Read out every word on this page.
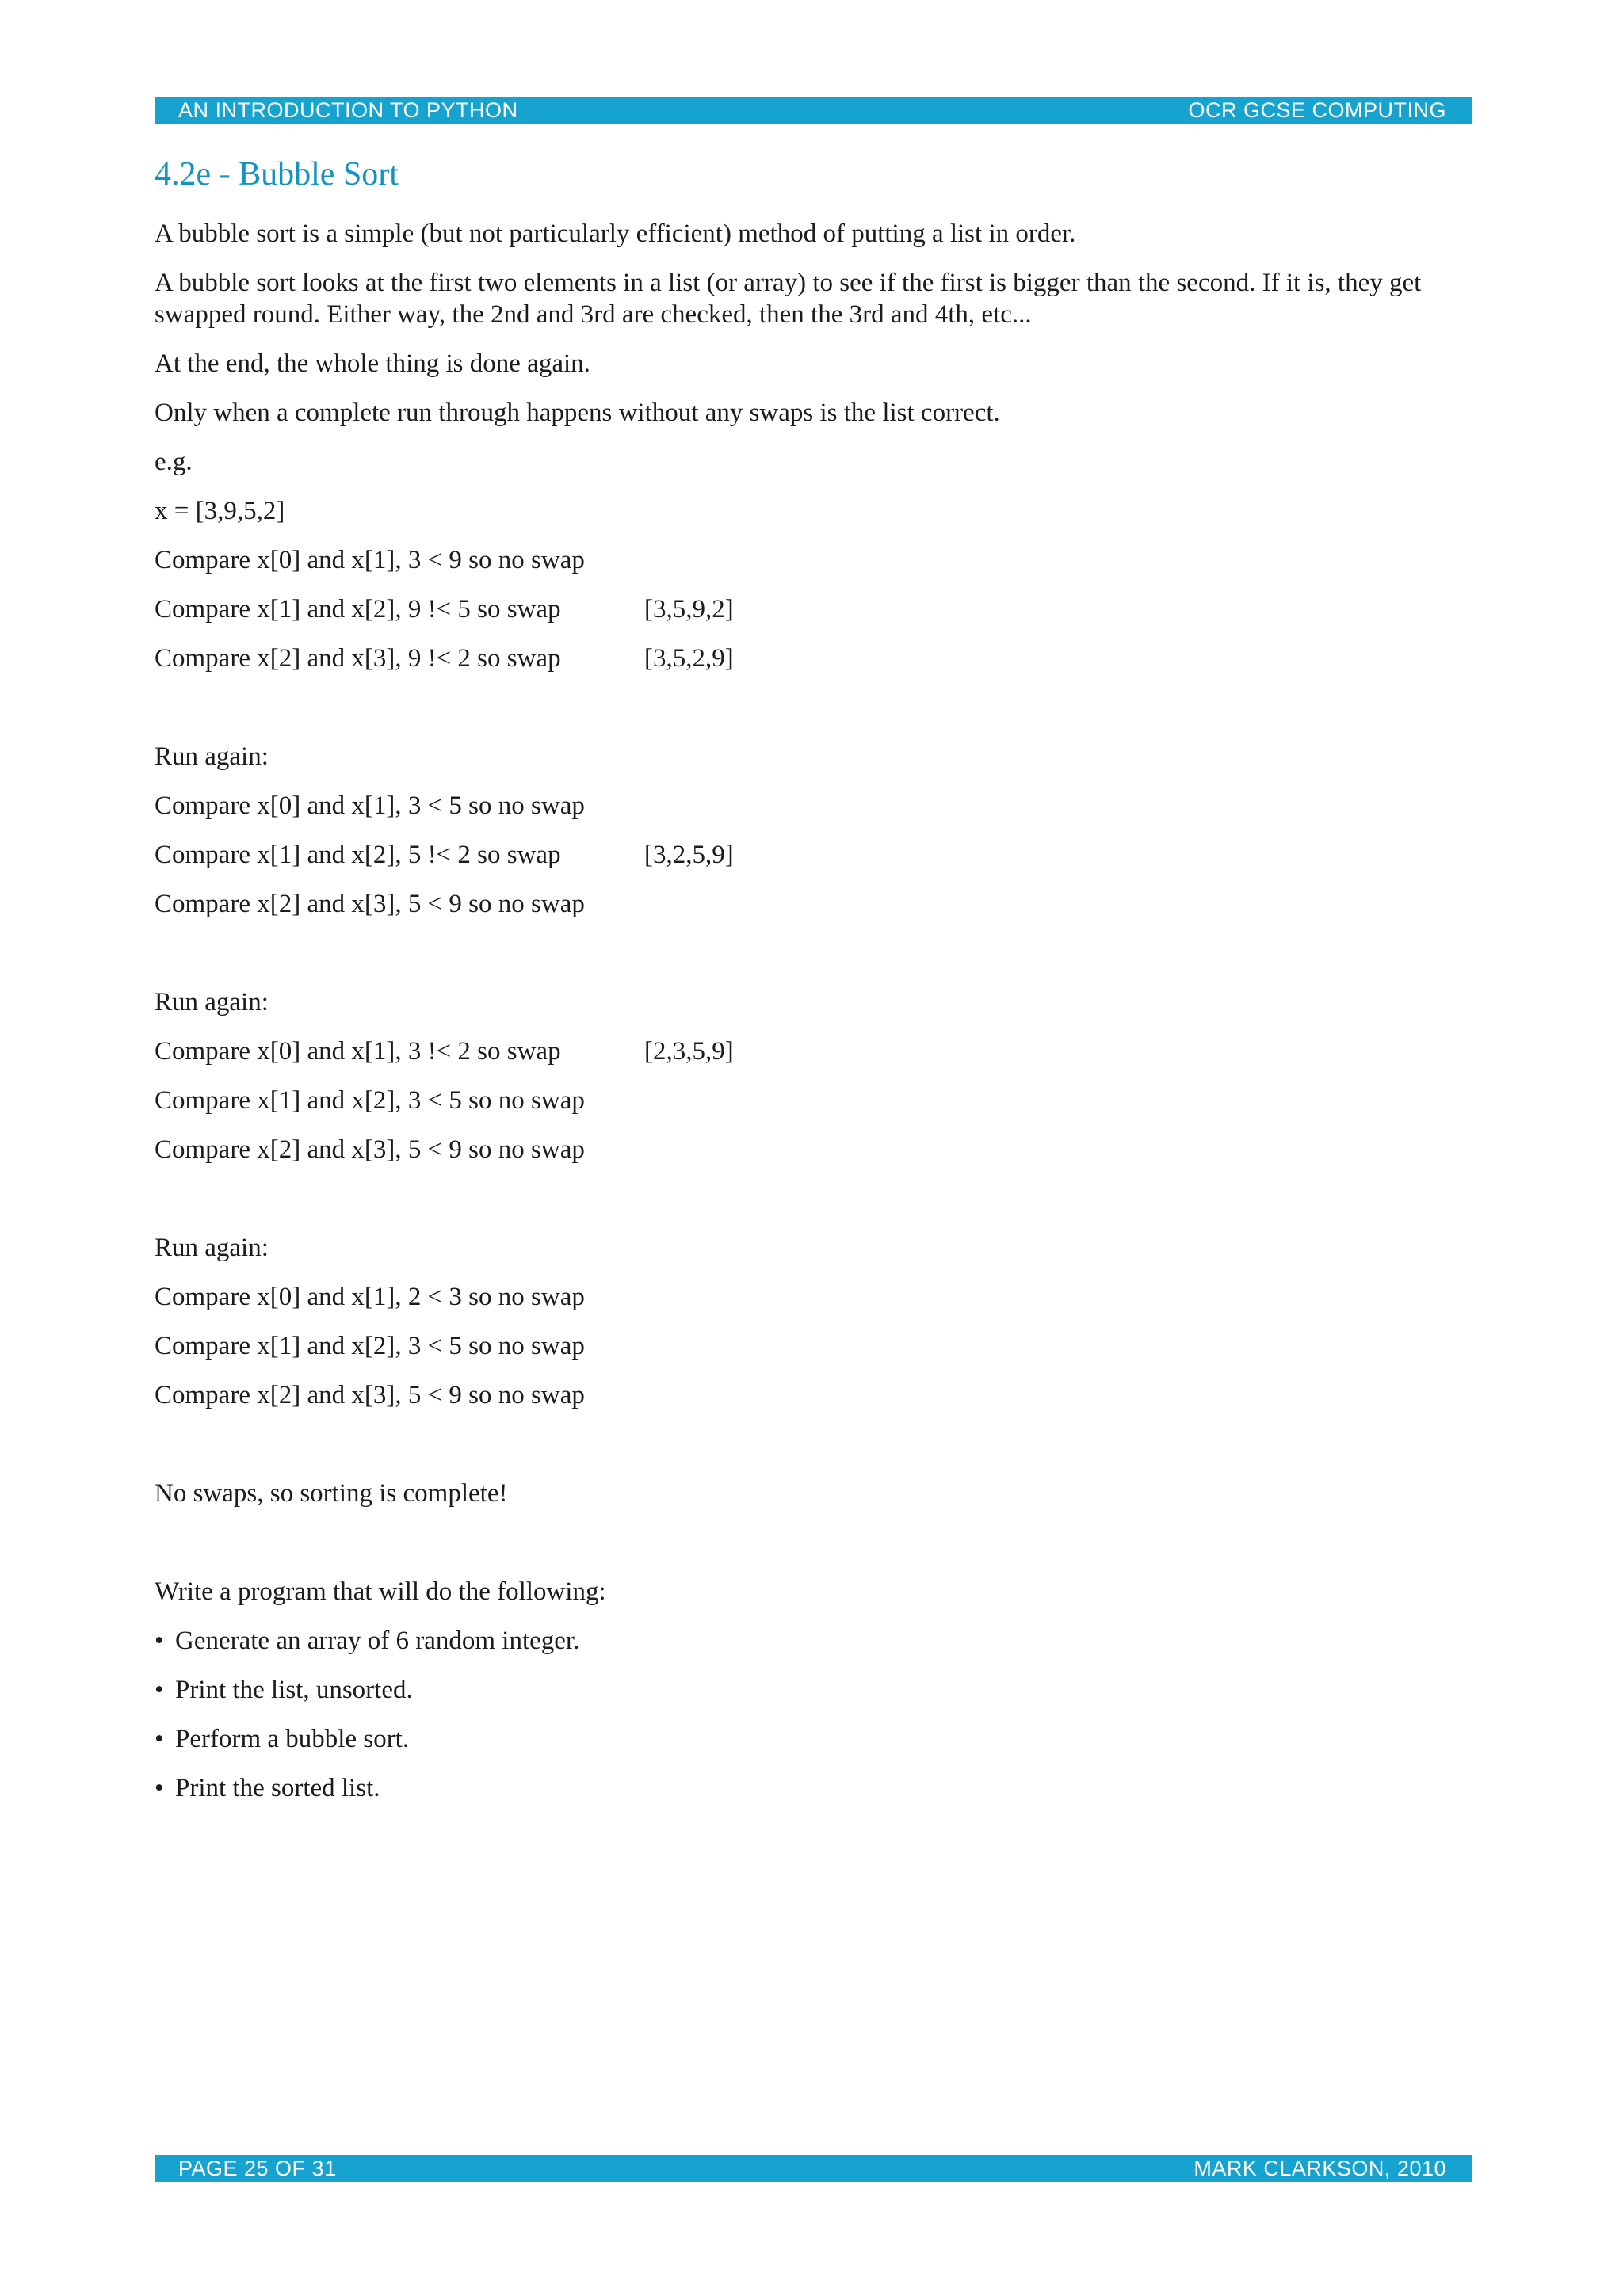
AN INTRODUCTION TO PYTHON	OCR GCSE COMPUTING
4.2e - Bubble Sort

A bubble sort is a simple (but not particularly efficient) method of putting a list in order.

A bubble sort looks at the first two elements in a list (or array) to see if the first is bigger than the second. If it is, they get swapped round. Either way, the 2nd and 3rd are checked, then the 3rd and 4th, etc...

At the end, the whole thing is done again.

Only when a complete run through happens without any swaps is the list correct.

e.g.

x = [3,9,5,2]

Compare x[0] and x[1], 3 < 9 so no swap
Compare x[1] and x[2], 9 !< 5 so swap	[3,5,9,2]
Compare x[2] and x[3], 9 !< 2 so swap	[3,5,2,9]

Run again:

Compare x[0] and x[1], 3 < 5 so no swap
Compare x[1] and x[2], 5 !< 2 so swap	[3,2,5,9]
Compare x[2] and x[3], 5 < 9 so no swap

Run again:

Compare x[0] and x[1], 3 !< 2 so swap	[2,3,5,9]
Compare x[1] and x[2], 3 < 5 so no swap
Compare x[2] and x[3], 5 < 9 so no swap

Run again:

Compare x[0] and x[1], 2 < 3 so no swap
Compare x[1] and x[2], 3 < 5 so no swap
Compare x[2] and x[3], 5 < 9 so no swap

No swaps, so sorting is complete!

Write a program that will do the following:

• Generate an array of 6 random integer.

• Print the list, unsorted.

• Perform a bubble sort.

• Print the sorted list.

PAGE 25 OF 31	MARK CLARKSON, 2010
